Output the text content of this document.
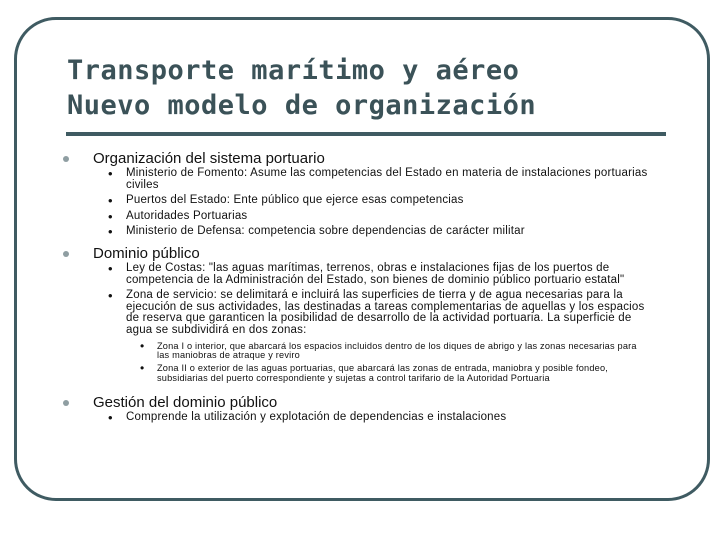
Transporte marítimo y aéreo
Nuevo modelo de organización
Organización del sistema portuario
• Ministerio de Fomento: Asume las competencias del Estado en materia de instalaciones portuarias civiles
• Puertos del Estado: Ente público que ejerce esas competencias
• Autoridades Portuarias
• Ministerio de Defensa: competencia sobre dependencias de carácter militar
Dominio público
• Ley de Costas: "las aguas marítimas, terrenos, obras e instalaciones fijas de los puertos de competencia de la Administración del Estado, son bienes de dominio público portuario estatal"
• Zona de servicio: se delimitará e incluirá las superficies de tierra y de agua necesarias para la ejecución de sus actividades, las destinadas a tareas complementarias de aquellas y los espacios de reserva que garanticen la posibilidad de desarrollo de la actividad portuaria. La superficie de agua se subdividirá en dos zonas:
• Zona I o interior, que abarcará los espacios incluidos dentro de los diques de abrigo y las zonas necesarias para las maniobras de atraque y reviro
• Zona II o exterior de las aguas portuarias, que abarcará las zonas de entrada, maniobra y posible fondeo, subsidiarias del puerto correspondiente y sujetas a control tarifario de la Autoridad Portuaria
Gestión del dominio público
• Comprende la utilización y explotación de dependencias e instalaciones
